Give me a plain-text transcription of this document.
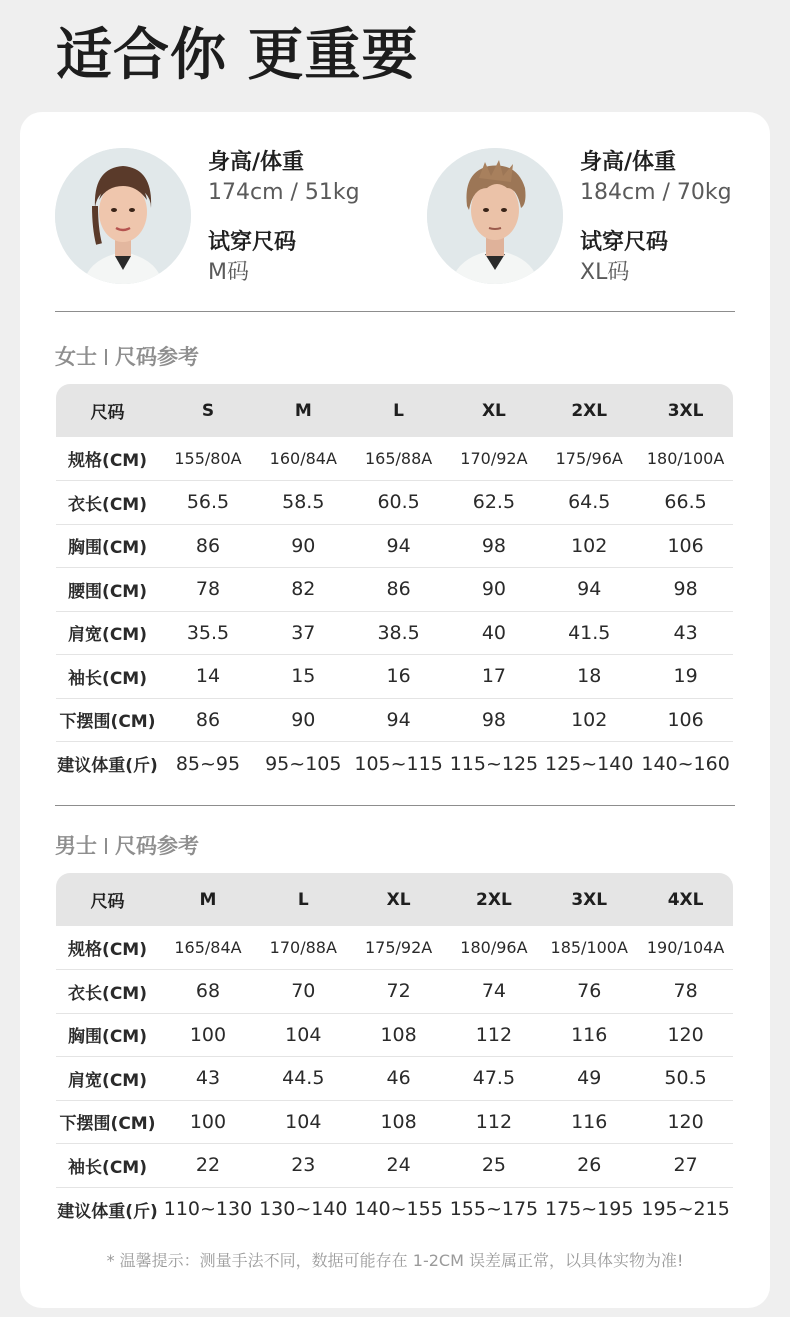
适合你 更重要
身高/体重
174cm / 51kg
试穿尺码
M码
身高/体重
184cm / 70kg
试穿尺码
XL码
女士 尺码参考
尺码	S	M	L	XL	2XL	3XL
规格(CM)	155/80A	160/84A	165/88A	170/92A	175/96A	180/100A
衣长(CM)	56.5	58.5	60.5	62.5	64.5	66.5
胸围(CM)	86	90	94	98	102	106
腰围(CM)	78	82	86	90	94	98
肩宽(CM)	35.5	37	38.5	40	41.5	43
袖长(CM)	14	15	16	17	18	19
下摆围(CM)	86	90	94	98	102	106
建议体重(斤)	85~95	95~105	105~115	115~125	125~140	140~160
男士 尺码参考
尺码	M	L	XL	2XL	3XL	4XL
规格(CM)	165/84A	170/88A	175/92A	180/96A	185/100A	190/104A
衣长(CM)	68	70	72	74	76	78
胸围(CM)	100	104	108	112	116	120
肩宽(CM)	43	44.5	46	47.5	49	50.5
下摆围(CM)	100	104	108	112	116	120
袖长(CM)	22	23	24	25	26	27
建议体重(斤)	110~130	130~140	140~155	155~175	175~195	195~215
* 温馨提示：测量手法不同，数据可能存在 1-2CM 误差属正常，以具体实物为准!
